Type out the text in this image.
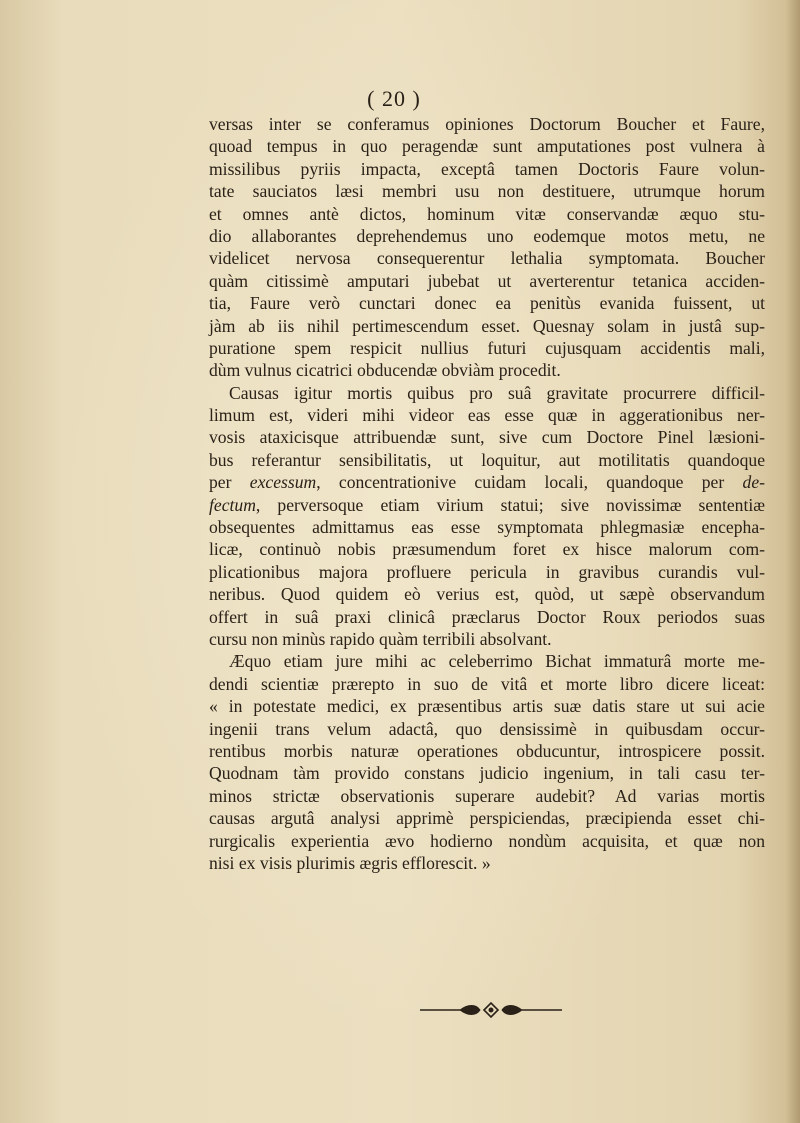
( 20 )
versas inter se conferamus opiniones Doctorum Boucher et Faure,
quoad tempus in quo peragendæ sunt amputationes post vulnera à
missilibus pyriis impacta, exceptâ tamen Doctoris Faure volun-
tate sauciatos læsi membri usu non destituere, utrumque horum
et omnes antè dictos, hominum vitæ conservandæ æquo stu-
dio allaborantes deprehendemus uno eodemque motos metu, ne
videlicet nervosa consequerentur lethalia symptomata. Boucher
quàm citissimè amputari jubebat ut averterentur tetanica acciden-
tia, Faure verò cunctari donec ea penitùs evanida fuissent, ut
jàm ab iis nihil pertimescendum esset. Quesnay solam in justâ sup-
puratione spem respicit nullius futuri cujusquam accidentis mali,
dùm vulnus cicatrici obducendæ obviàm procedit.
Causas igitur mortis quibus pro suâ gravitate procurrere difficil-
limum est, videri mihi videor eas esse quæ in aggerationibus ner-
vosis ataxicisque attribuendæ sunt, sive cum Doctore Pinel læsioni-
bus referantur sensibilitatis, ut loquitur, aut motilitatis quandoque
per excessum, concentrationive cuidam locali, quandoque per de-
fectum, perversoque etiam virium statui; sive novissimæ sententiæ
obsequentes admittamus eas esse symptomata phlegmasiæ encepha-
licæ, continuò nobis præsumendum foret ex hisce malorum com-
plicationibus majora profluere pericula in gravibus curandis vul-
neribus. Quod quidem eò verius est, quòd, ut sæpè observandum
offert in suâ praxi clinicâ præclarus Doctor Roux periodos suas
cursu non minùs rapido quàm terribili absolvant.
Æquo etiam jure mihi ac celeberrimo Bichat immaturâ morte me-
dendi scientiæ prærepto in suo de vitâ et morte libro dicere liceat:
« in potestate medici, ex præsentibus artis suæ datis stare ut sui acie
ingenii trans velum adactâ, quo densissimè in quibusdam occur-
rentibus morbis naturæ operationes obducuntur, introspicere possit.
Quodnam tàm provido constans judicio ingenium, in tali casu ter-
minos strictæ observationis superare audebit? Ad varias mortis
causas argutâ analysi apprimè perspiciendas, præcipienda esset chi-
rurgicalis experientia ævo hodierno nondùm acquisita, et quæ non
nisi ex visis plurimis ægris efflorescit. »
